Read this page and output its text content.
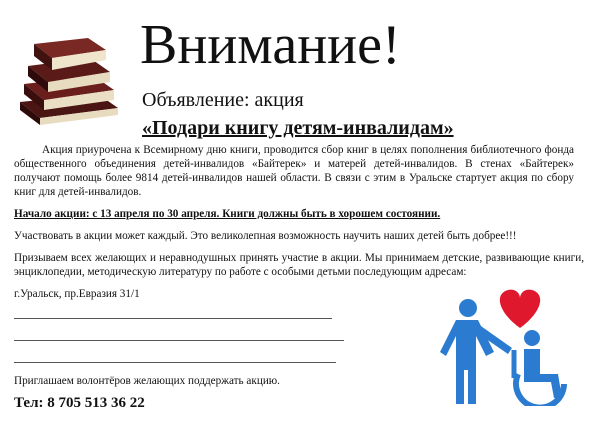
Внимание!
Объявление: акция
«Подари книгу детям-инвалидам»
Акция приурочена к Всемирному дню книги, проводится сбор книг в целях пополнения библиотечного фонда общественного объединения детей-инвалидов «Байтерек» и матерей детей-инвалидов. В стенах «Байтерек» получают помощь более 9814 детей-инвалидов нашей области. В связи с этим в Уральске стартует акция по сбору книг для детей-инвалидов.
Начало акции: с 13 апреля по 30 апреля. Книги должны быть в хорошем состоянии.
Участвовать в акции может каждый. Это великолепная возможность научить наших детей быть добрее!!!
Призываем всех желающих и неравнодушных принять участие в акции. Мы принимаем детские, развивающие книги, энциклопедии, методическую литературу по работе с особыми детьми последующим адресам:
г.Уральск, пр.Евразия 31/1
Приглашаем волонтёров желающих поддержать акцию.
Тел: 8 705 513 36 22
